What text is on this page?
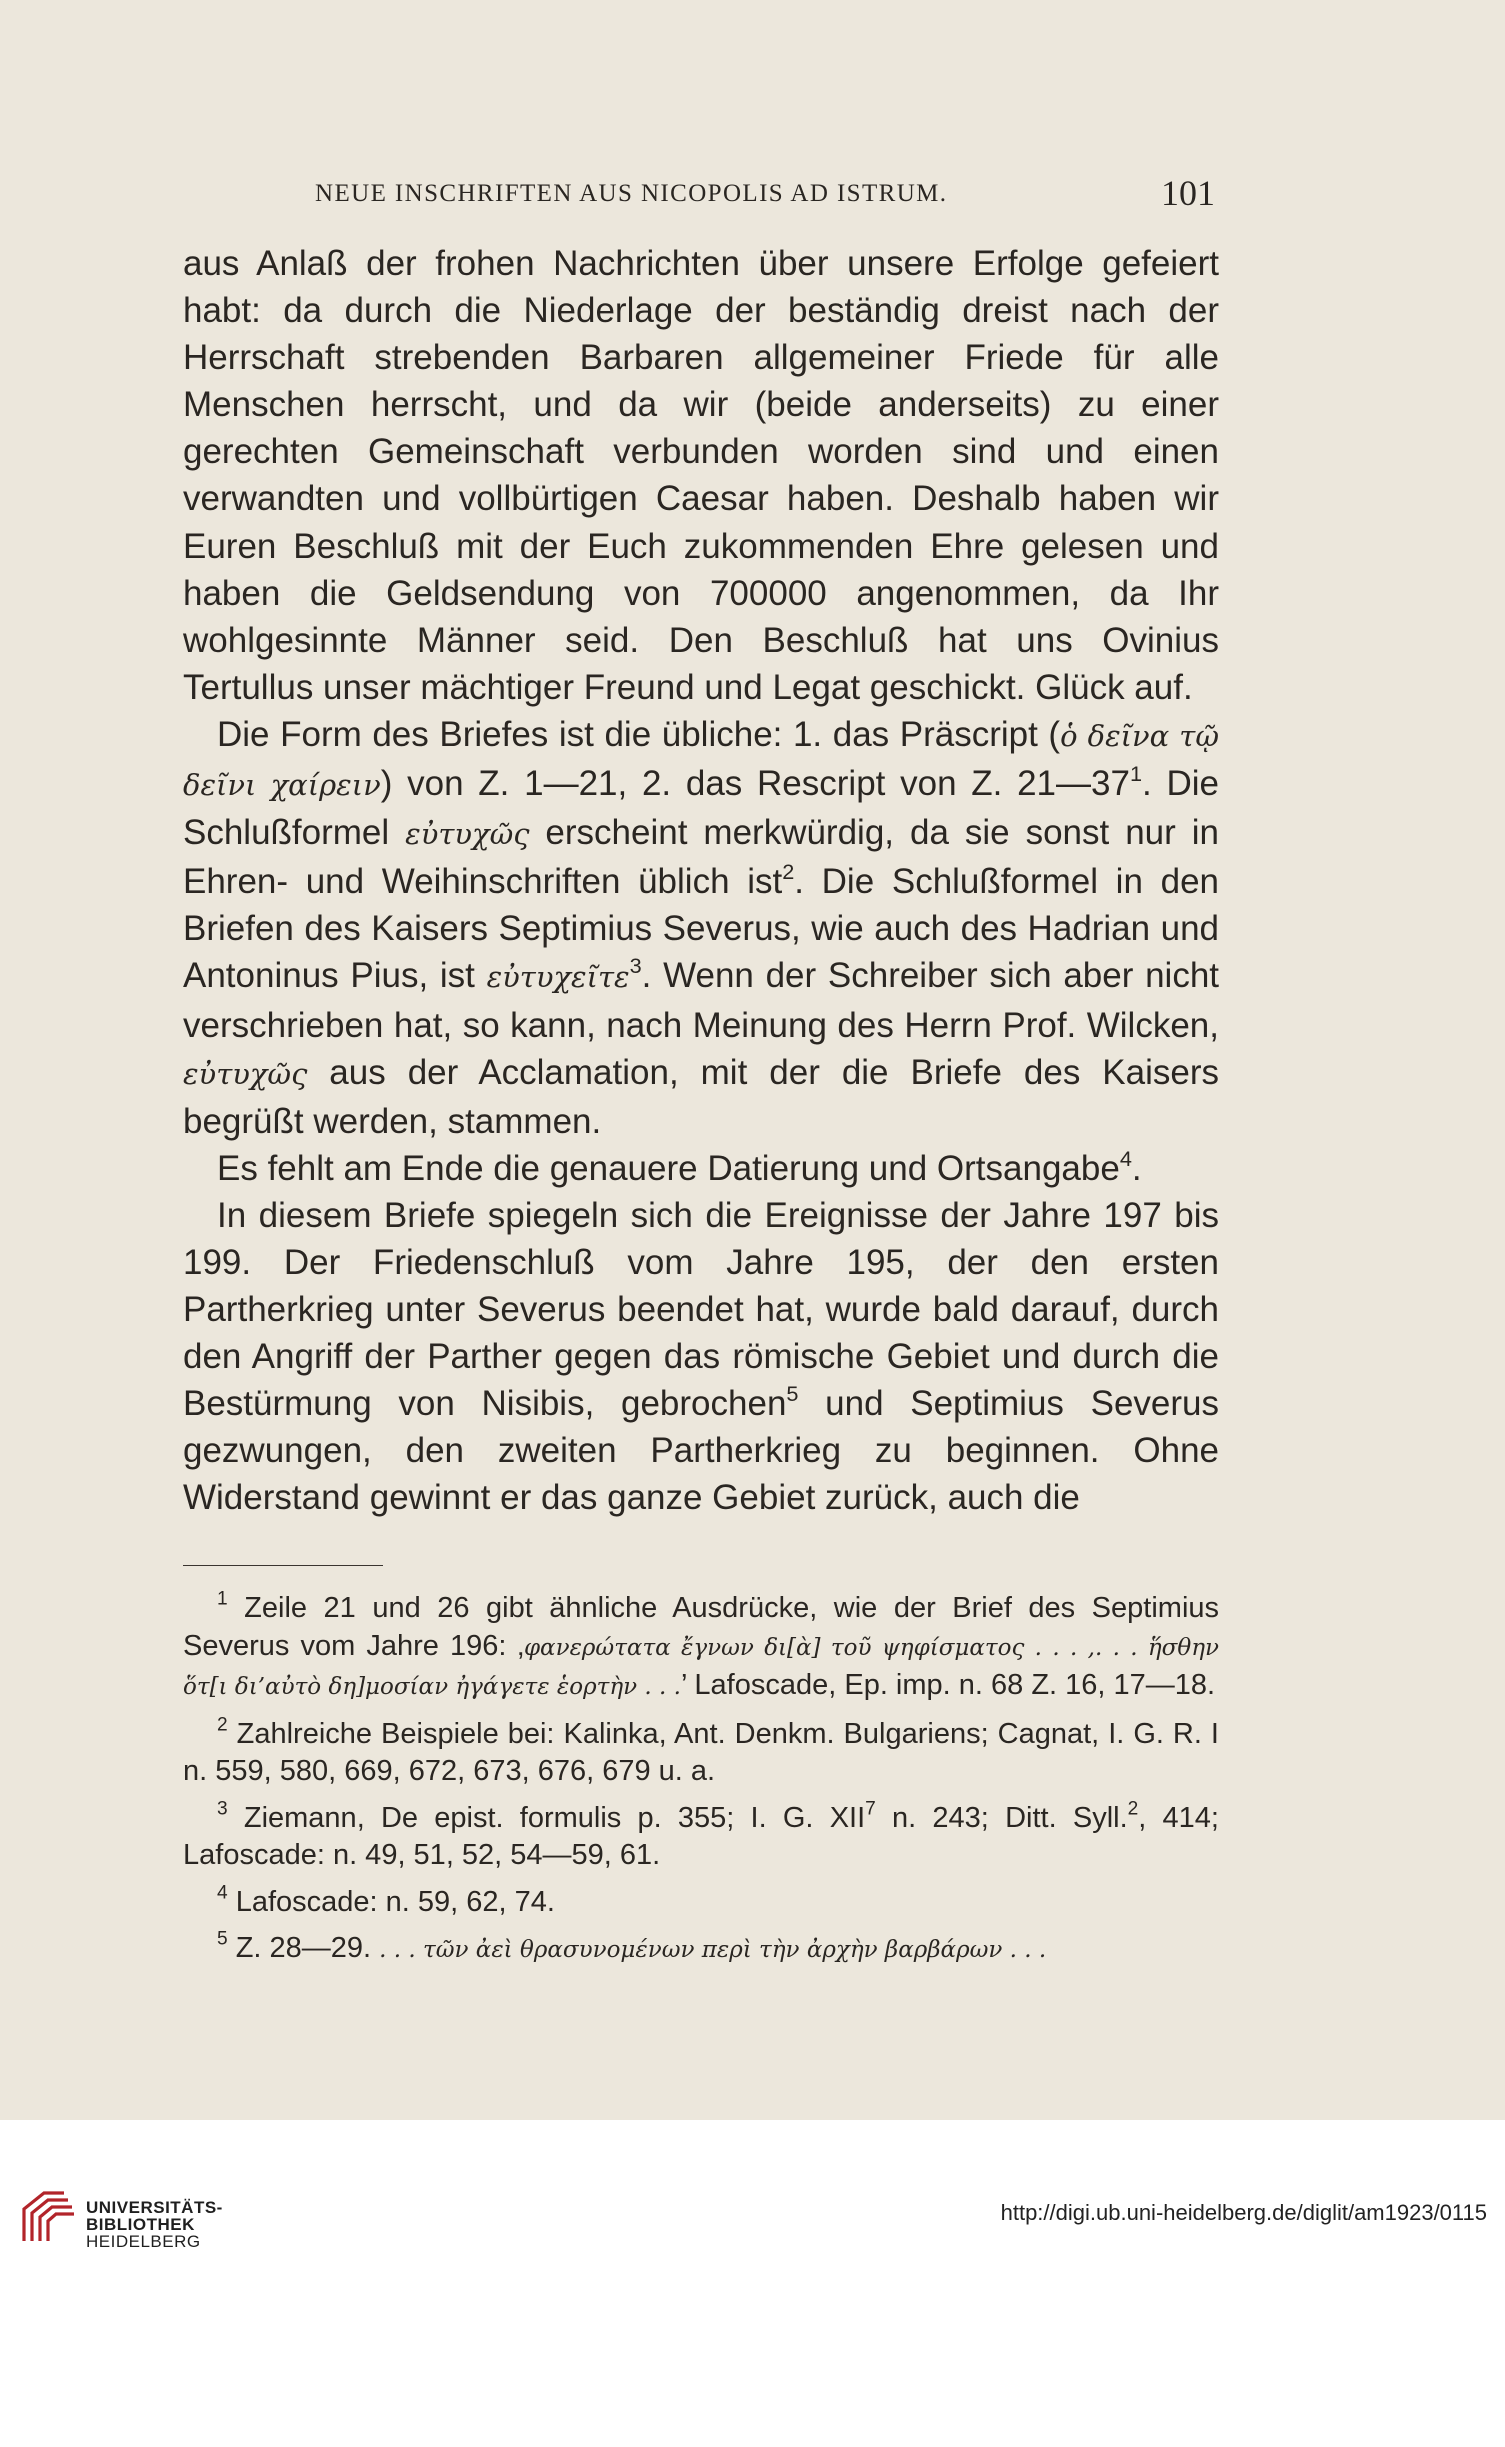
NEUE INSCHRIFTEN AUS NICOPOLIS AD ISTRUM.	101

aus Anlaß der frohen Nachrichten über unsere Erfolge gefeiert habt: da durch die Niederlage der beständig dreist nach der Herrschaft strebenden Barbaren allgemeiner Friede für alle Menschen herrscht, und da wir (beide anderseits) zu einer gerechten Gemeinschaft verbunden worden sind und einen verwandten und vollbürtigen Caesar haben. Deshalb haben wir Euren Beschluß mit der Euch zukommenden Ehre gelesen und haben die Geldsendung von 700000 angenommen, da Ihr wohlgesinnte Männer seid. Den Beschluß hat uns Ovinius Tertullus unser mächtiger Freund und Legat geschickt. Glück auf.

Die Form des Briefes ist die übliche: 1. das Präscript (ὁ δεῖνα τῷ δεῖνι χαίρειν) von Z. 1—21, 2. das Rescript von Z. $21—37^1$. Die Schlußformel εὐτυχῶς erscheint merkwürdig, da sie sonst nur in Ehren- und Weihinschriften üblich ist$^2$. Die Schlußformel in den Briefen des Kaisers Septimius Severus, wie auch des Hadrian und Antoninus Pius, ist εὐτυχεῖτε$^3$. Wenn der Schreiber sich aber nicht verschrieben hat, so kann, nach Meinung des Herrn Prof. Wilcken, εὐτυχῶς aus der Acclamation, mit der die Briefe des Kaisers begrüßt werden, stammen.

Es fehlt am Ende die genauere Datierung und Ortsangabe$^4$.

In diesem Briefe spiegeln sich die Ereignisse der Jahre 197 bis 199. Der Friedenschluß vom Jahre 195, der den ersten Partherkrieg unter Severus beendet hat, wurde bald darauf, durch den Angriff der Parther gegen das römische Gebiet und durch die Bestürmung von Nisibis, gebrochen$^5$ und Septimius Severus gezwungen, den zweiten Partherkrieg zu beginnen. Ohne Widerstand gewinnt er das ganze Gebiet zurück, auch die

$^1$ Zeile 21 und 26 gibt ähnliche Ausdrücke, wie der Brief des Septimius Severus vom Jahre 196: ‚φανερώτατα ἔγνων δι[ὰ] τοῦ ψηφίσματος . . . ,. . . ἥσθην ὅτ[ι δι’αὐτὸ δη]μοσίαν ἠγάγετε ἑορτὴν . . .’ Lafoscade, Ep. imp. n. 68 Z. 16, 17—18.

$^2$ Zahlreiche Beispiele bei: Kalinka, Ant. Denkm. Bulgariens; Cagnat, I. G. R. I n. 559, 580, 669, 672, 673, 676, 679 u. a.

$^3$ Ziemann, De epist. formulis p. 355; I. G. XII$^7$ n. 243; Ditt. Syll.$^2$, 414; Lafoscade: n. 49, 51, 52, 54—59, 61.

$^4$ Lafoscade: n. 59, 62, 74.

$^5$ Z. 28—29. . . . τῶν ἀεὶ θρασυνομένων περὶ τὴν ἀρχὴν βαρβάρων . . .

UNIVERSITÄTS-
BIBLIOTHEK
HEIDELBERG
http://digi.ub.uni-heidelberg.de/diglit/am1923/0115
